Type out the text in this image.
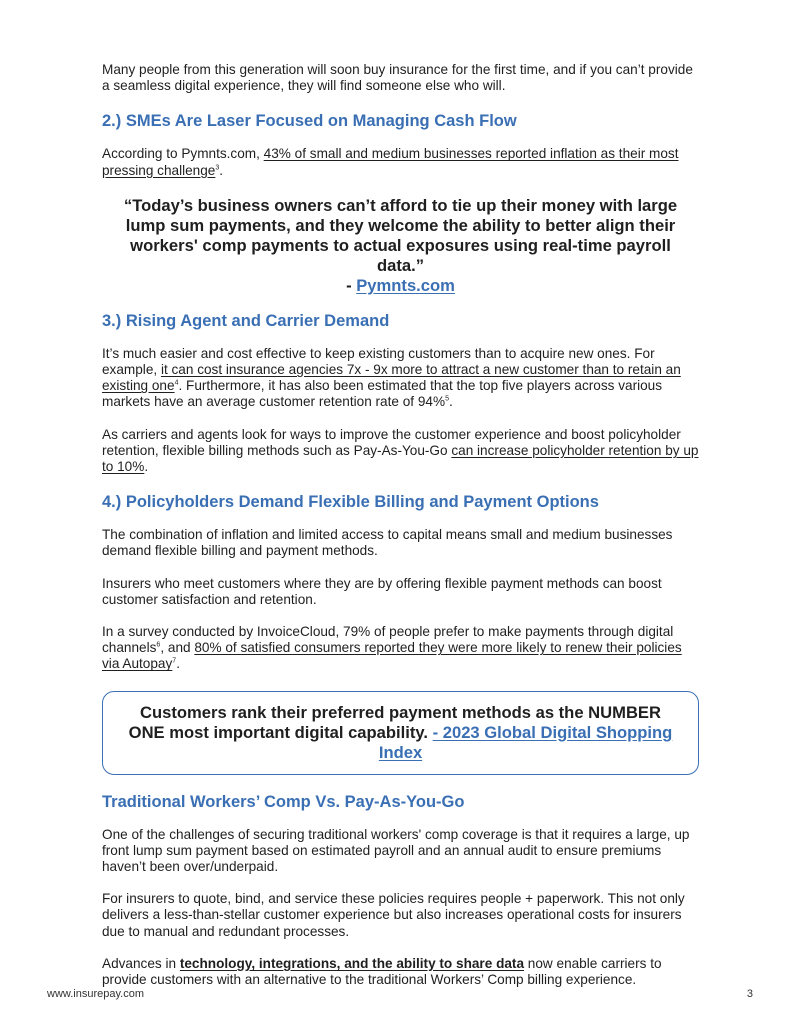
Many people from this generation will soon buy insurance for the first time, and if you can’t provide a seamless digital experience, they will find someone else who will.

2.) SMEs Are Laser Focused on Managing Cash Flow

According to Pymnts.com, 43% of small and medium businesses reported inflation as their most pressing challenge$^3$.

“Today’s business owners can’t afford to tie up their money with large lump sum payments, and they welcome the ability to better align their workers' comp payments to actual exposures using real-time payroll data.”

- Pymnts.com

3.) Rising Agent and Carrier Demand

It’s much easier and cost effective to keep existing customers than to acquire new ones. For example, it can cost insurance agencies 7x - 9x more to attract a new customer than to retain an existing one$^4$. Furthermore, it has also been estimated that the top five players across various markets have an average customer retention rate of 94%$^5$.

As carriers and agents look for ways to improve the customer experience and boost policyholder retention, flexible billing methods such as Pay-As-You-Go can increase policyholder retention by up to 10%.

4.) Policyholders Demand Flexible Billing and Payment Options

The combination of inflation and limited access to capital means small and medium businesses demand flexible billing and payment methods.

Insurers who meet customers where they are by offering flexible payment methods can boost customer satisfaction and retention.

In a survey conducted by InvoiceCloud, 79% of people prefer to make payments through digital channels$^6$, and 80% of satisfied consumers reported they were more likely to renew their policies via Autopay$^7$.

Customers rank their preferred payment methods as the NUMBER ONE most important digital capability. - 2023 Global Digital Shopping Index
Traditional Workers’ Comp Vs. Pay-As-You-Go

One of the challenges of securing traditional workers' comp coverage is that it requires a large, up front lump sum payment based on estimated payroll and an annual audit to ensure premiums haven’t been over/underpaid.

For insurers to quote, bind, and service these policies requires people + paperwork. This not only delivers a less-than-stellar customer experience but also increases operational costs for insurers due to manual and redundant processes.

Advances in technology, integrations, and the ability to share data now enable carriers to provide customers with an alternative to the traditional Workers’ Comp billing experience.

www.insurepay.com	3
